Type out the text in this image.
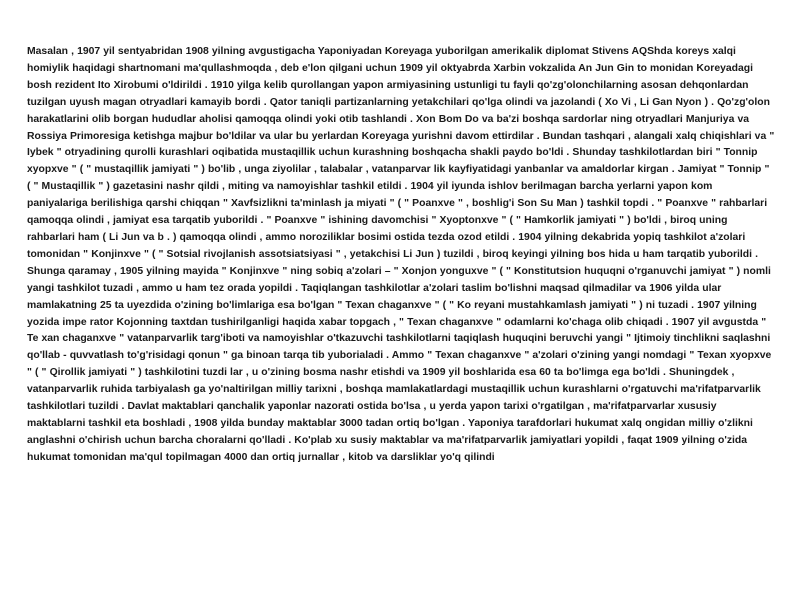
Masalan , 1907 yil sentyabridan 1908 yilning avgustigacha Yaponiyadan Koreyaga yuborilgan amerikalik diplomat Stivens AQShda koreys xalqi homiylik haqidagi shartnomani ma'qullashmoqda , deb e'lon qilgani uchun 1909 yil oktyabrda Xarbin vokzalida An Jun Gin to monidan Koreyadagi bosh rezident Ito Xirobumi o'ldirildi . 1910 yilga kelib qurollangan yapon armiyasining ustunligi tu fayli qo'zg'olonchilarning asosan dehqonlardan tuzilgan uyush magan otryadlari kamayib bordi . Qator taniqli partizanlarning yetakchilari qo'lga olindi va jazolandi ( Xo Vi , Li Gan Nyon ) . Qo'zg'olon harakatlarini olib borgan hududlar aholisi qamoqqa olindi yoki otib tashlandi . Xon Bom Do va ba'zi boshqa sardorlar ning otryadlari Manjuriya va Rossiya Primoresiga ketishga majbur bo'ldilar va ular bu yerlardan Koreyaga yurishni davom ettirdilar . Bundan tashqari , alangali xalq chiqishlari va " Iybek " otryadining qurolli kurashlari oqibatida mustaqillik uchun kurashning boshqacha shakli paydo bo'ldi . Shunday tashkilotlardan biri " Tonnip xyopxve " ( " mustaqillik jamiyati " ) bo'lib , unga ziyolilar , talabalar , vatanparvar lik kayfiyatidagi yanbanlar va amaldorlar kirgan . Jamiyat " Tonnip " ( " Mustaqillik " ) gazetasini nashr qildi , miting va namoyishlar tashkil etildi . 1904 yil iyunda ishlov berilmagan barcha yerlarni yapon kom paniyalariga berilishiga qarshi chiqqan " Xavfsizlikni ta'minlash ja miyati " ( " Poanxve " , boshlig'i Son Su Man ) tashkil topdi . " Poanxve " rahbarlari qamoqqa olindi , jamiyat esa tarqatib yuborildi . " Poanxve " ishining davomchisi " Xyoptonxve " ( " Hamkorlik jamiyati " ) bo'ldi , biroq uning rahbarlari ham ( Li Jun va b . ) qamoqqa olindi , ammo noroziliklar bosimi ostida tezda ozod etildi . 1904 yilning dekabrida yopiq tashkilot a'zolari tomonidan " Konjinxve " ( " Sotsial rivojlanish assotsiatsiyasi " , yetakchisi Li Jun ) tuzildi , biroq keyingi yilning bos hida u ham tarqatib yuborildi . Shunga qaramay , 1905 yilning mayida " Konjinxve " ning sobiq a'zolari – " Xonjon yonguxve " ( " Konstitutsion huquqni o'rganuvchi jamiyat " ) nomli yangi tashkilot tuzadi , ammo u ham tez orada yopildi . Taqiqlangan tashkilotlar a'zolari taslim bo'lishni maqsad qilmadilar va 1906 yilda ular mamlakatning 25 ta uyezdida o'zining bo'limlariga esa bo'lgan " Texan chaganxve " ( " Ko reyani mustahkamlash jamiyati " ) ni tuzadi . 1907 yilning yozida impe rator Kojonning taxtdan tushirilganligi haqida xabar topgach , " Texan chaganxve " odamlarni ko'chaga olib chiqadi . 1907 yil avgustda " Te xan chaganxve " vatanparvarlik targ'iboti va namoyishlar o'tkazuvchi tashkilotlarni taqiqlash huquqini beruvchi yangi " Ijtimoiy tinchlikni saqlashni qo'llab - quvvatlash to'g'risidagi qonun " ga binoan tarqa tib yuborialadi . Ammo " Texan chaganxve " a'zolari o'zining yangi nomdagi " Texan xyopxve " ( " Qirollik jamiyati " ) tashkilotini tuzdi lar , u o'zining bosma nashr etishdi va 1909 yil boshlarida esa 60 ta bo'limga ega bo'ldi . Shuningdek , vatanparvarlik ruhida tarbiyalash ga yo'naltirilgan milliy tarixni , boshqa mamlakatlardagi mustaqillik uchun kurashlarni o'rgatuvchi ma'rifatparvarlik tashkilotlari tuzildi . Davlat maktablari qanchalik yaponlar nazorati ostida bo'lsa , u yerda yapon tarixi o'rgatilgan , ma'rifatparvarlar xususiy maktablarni tashkil eta boshladi , 1908 yilda bunday maktablar 3000 tadan ortiq bo'lgan . Yaponiya tarafdorlari hukumat xalq ongidan milliy o'zlikni anglashni o'chirish uchun barcha choralarni qo'lladi . Ko'plab xu susiy maktablar va ma'rifatparvarlik jamiyatlari yopildi , faqat 1909 yilning o'zida hukumat tomonidan ma'qul topilmagan 4000 dan ortiq jurnallar , kitob va darsliklar yo'q qilindi
